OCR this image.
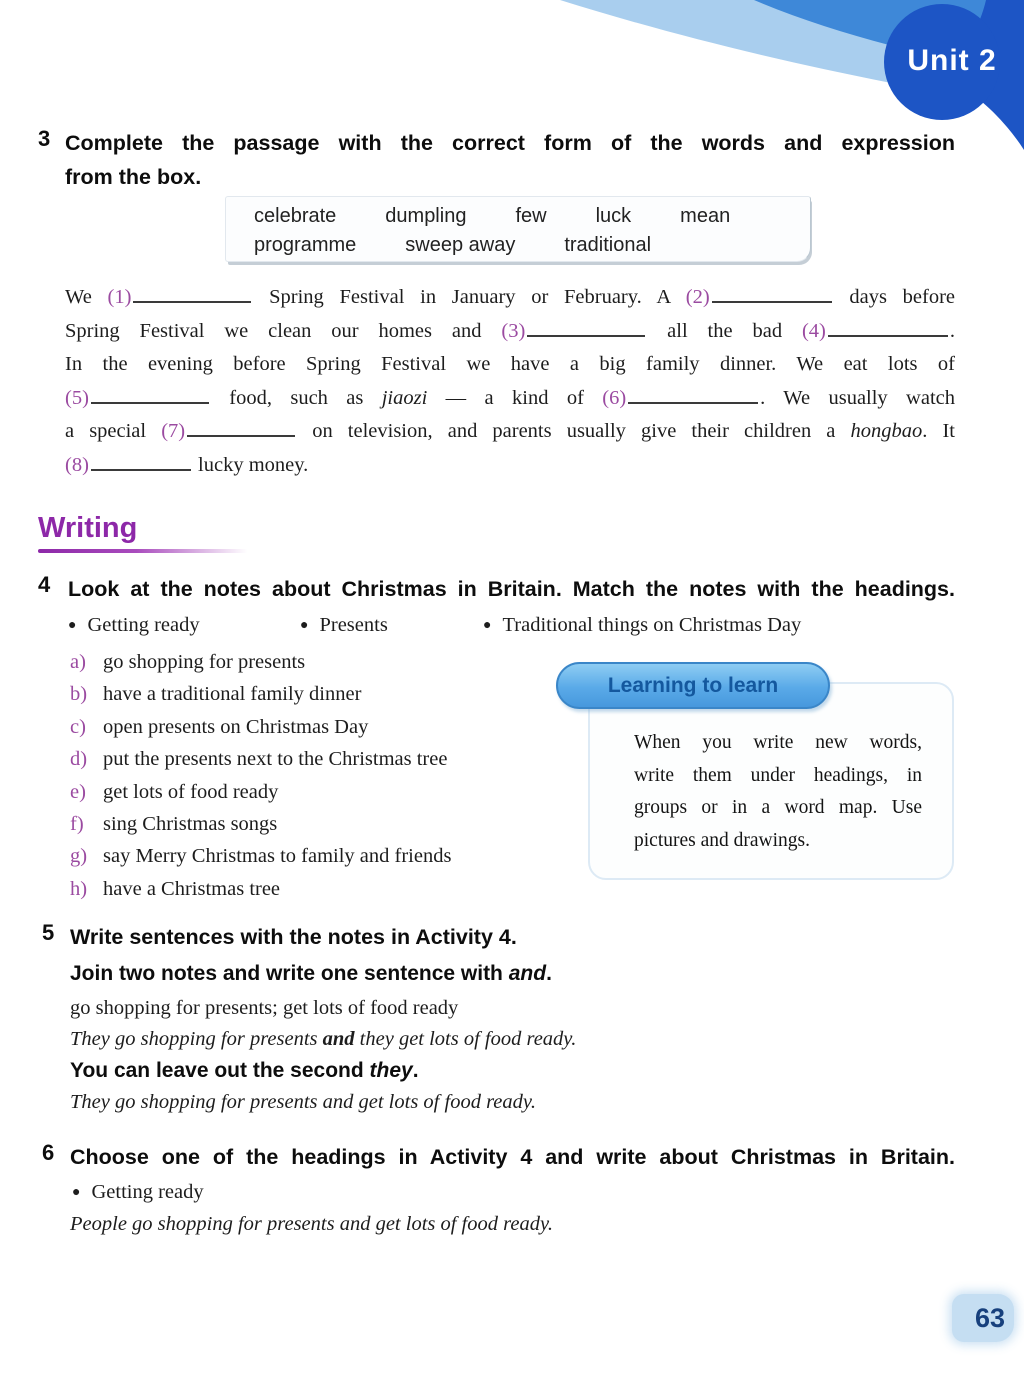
Unit 2
3 Complete the passage with the correct form of the words and expression
from the box.
celebrate dumpling few luck mean
programme sweep away traditional
We (1)	Spring Festival in January or February. A (2)	days before
Spring Festival we clean our homes and (3)	all the bad (4)	.
In the evening before Spring Festival we have a big family dinner. We eat lots of
(5)	food, such as jiaozi — a kind of (6)	. We usually watch
a special (7)	on television, and parents usually give their children a hongbao. It
(8)	lucky money.
Writing
4 Look at the notes about Christmas in Britain. Match the notes with the headings.
● Getting ready	● Presents	● Traditional things on Christmas Day
a) go shopping for presents
b) have a traditional family dinner
c) open presents on Christmas Day
d) put the presents next to the Christmas tree
e) get lots of food ready
f) sing Christmas songs
g) say Merry Christmas to family and friends
h) have a Christmas tree
When you write new words,
write them under headings, in
groups or in a word map. Use
pictures and drawings.
Learning to learn
5 Write sentences with the notes in Activity 4.
Join two notes and write one sentence with and.
go shopping for presents; get lots of food ready
They go shopping for presents and they get lots of food ready.
You can leave out the second they.
They go shopping for presents and get lots of food ready.
6 Choose one of the headings in Activity 4 and write about Christmas in Britain.
● Getting ready
People go shopping for presents and get lots of food ready.
63
